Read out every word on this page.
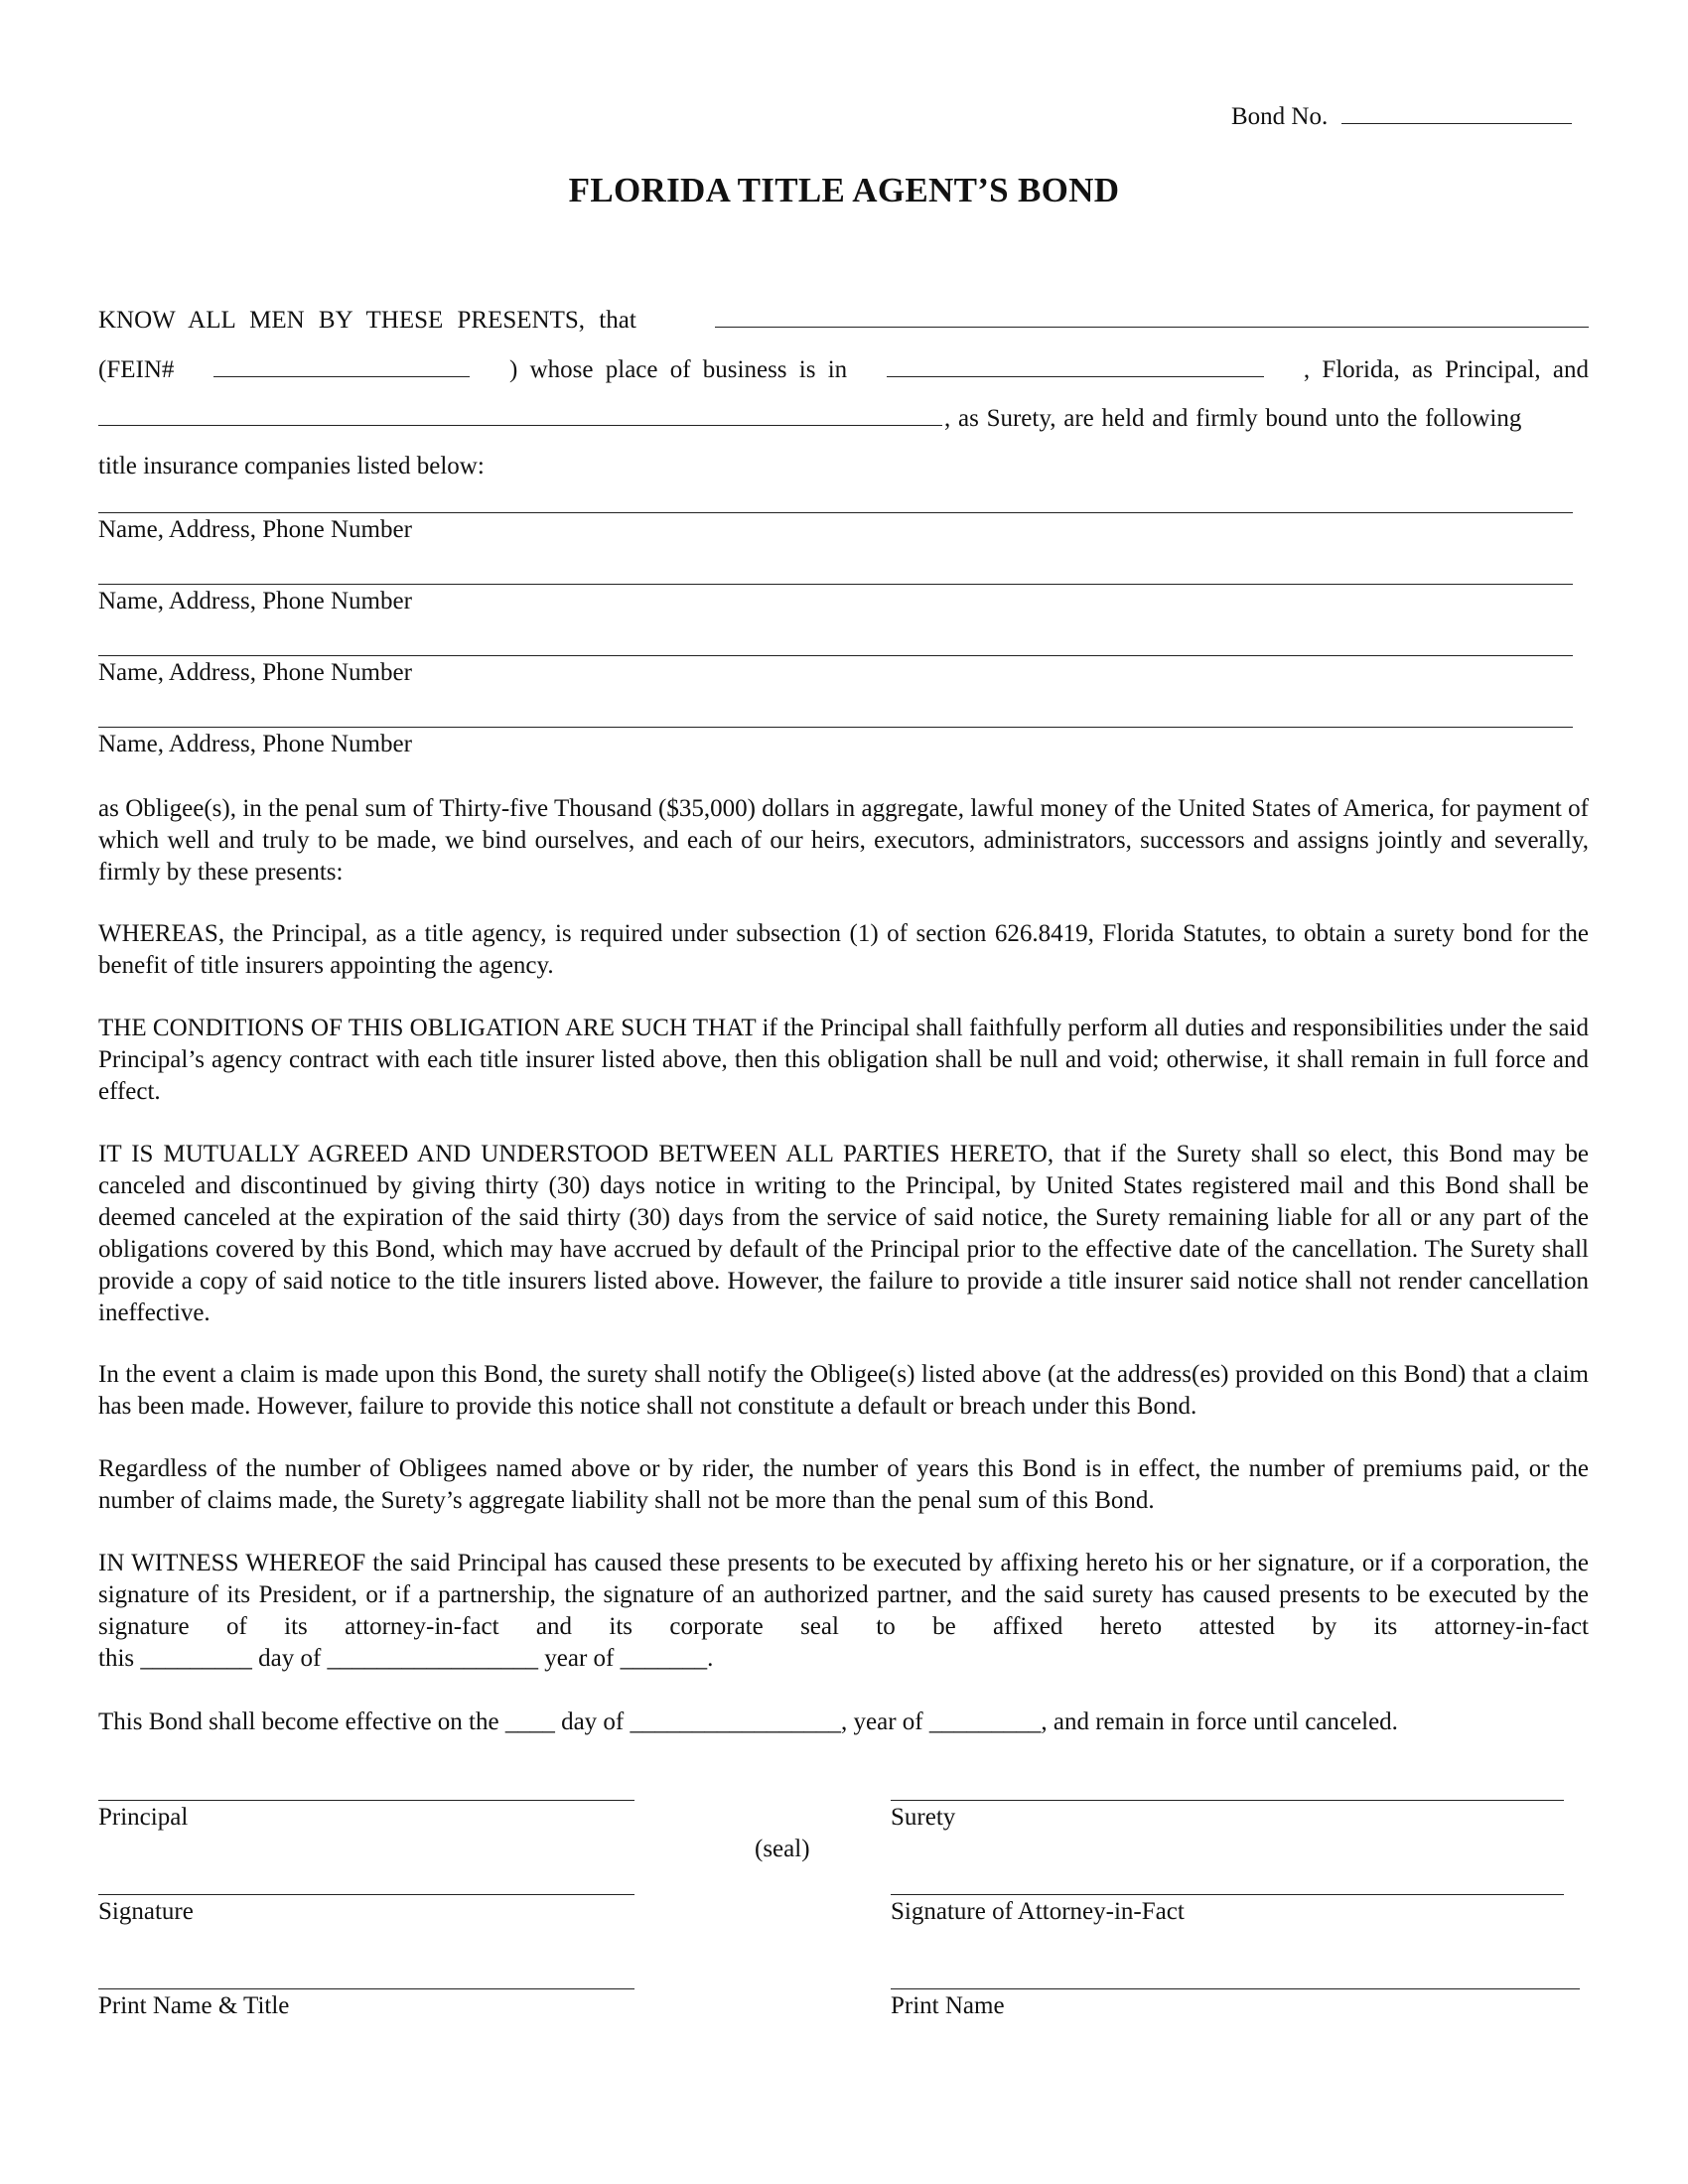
Bond No.
FLORIDA TITLE AGENT’S BOND
KNOW ALL MEN BY THESE PRESENTS, that
(FEIN#	) whose place of business is in	, Florida, as Principal, and
, as Surety, are held and firmly bound unto the following
title insurance companies listed below:
Name, Address, Phone Number
Name, Address, Phone Number
Name, Address, Phone Number
Name, Address, Phone Number
as Obligee(s), in the penal sum of Thirty-five Thousand ($35,000) dollars in aggregate, lawful money of the United States of America, for payment of which well and truly to be made, we bind ourselves, and each of our heirs, executors, administrators, successors and assigns jointly and severally, firmly by these presents:
WHEREAS, the Principal, as a title agency, is required under subsection (1) of section 626.8419, Florida Statutes, to obtain a surety bond for the benefit of title insurers appointing the agency.
THE CONDITIONS OF THIS OBLIGATION ARE SUCH THAT if the Principal shall faithfully perform all duties and responsibilities under the said Principal’s agency contract with each title insurer listed above, then this obligation shall be null and void; otherwise, it shall remain in full force and effect.
IT IS MUTUALLY AGREED AND UNDERSTOOD BETWEEN ALL PARTIES HERETO, that if the Surety shall so elect, this Bond may be canceled and discontinued by giving thirty (30) days notice in writing to the Principal, by United States registered mail and this Bond shall be deemed canceled at the expiration of the said thirty (30) days from the service of said notice, the Surety remaining liable for all or any part of the obligations covered by this Bond, which may have accrued by default of the Principal prior to the effective date of the cancellation. The Surety shall provide a copy of said notice to the title insurers listed above. However, the failure to provide a title insurer said notice shall not render cancellation ineffective.
In the event a claim is made upon this Bond, the surety shall notify the Obligee(s) listed above (at the address(es) provided on this Bond) that a claim has been made. However, failure to provide this notice shall not constitute a default or breach under this Bond.
Regardless of the number of Obligees named above or by rider, the number of years this Bond is in effect, the number of premiums paid, or the number of claims made, the Surety’s aggregate liability shall not be more than the penal sum of this Bond.
IN WITNESS WHEREOF the said Principal has caused these presents to be executed by affixing hereto his or her signature, or if a corporation, the signature of its President, or if a partnership, the signature of an authorized partner, and the said surety has caused presents to be executed by the signature of its attorney-in-fact and its corporate seal to be affixed hereto attested by its attorney-in-fact
this _________ day of _________________ year of _______.
This Bond shall become effective on the ____ day of _________________, year of _________, and remain in force until canceled.
Principal	Surety
(seal)
Signature	Signature of Attorney-in-Fact
Print Name & Title	Print Name
